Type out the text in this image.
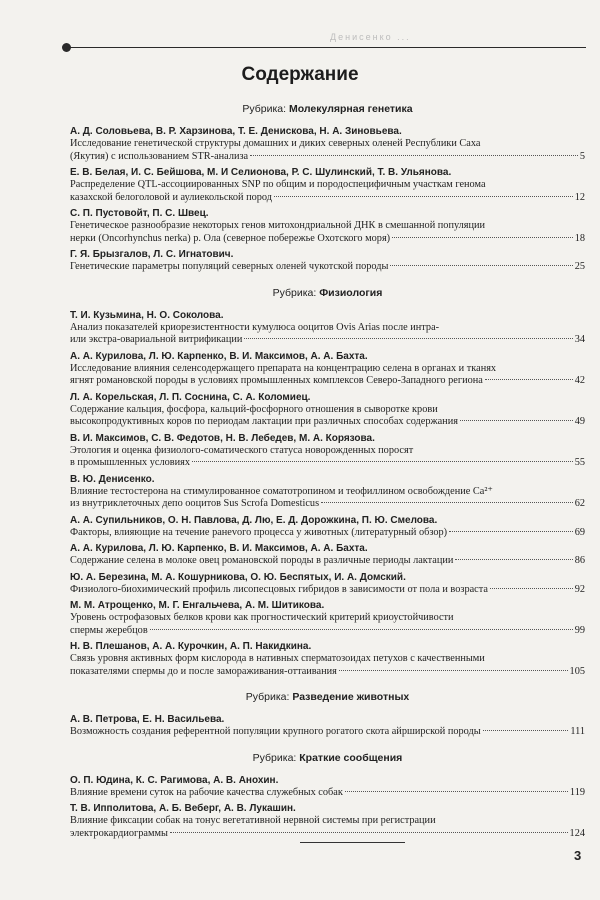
Денисенко ...
Содержание
Рубрика: Молекулярная генетика
А. Д. Соловьева, В. Р. Харзинова, Т. Е. Денискова, Н. А. Зиновьева.
Исследование генетической структуры домашних и диких северных оленей Республики Саха
(Якутия) с использованием STR-анализа	5
Е. В. Белая, И. С. Бейшова, М. И Селионова, Р. С. Шулинский, Т. В. Ульянова.
Распределение QTL-ассоциированных SNP по общим и породоспецифичным участкам генома
казахской белоголовой и аулиекольской пород	12
С. П. Пустовойт, П. С. Швец.
Генетическое разнообразие некоторых генов митохондриальной ДНК в смешанной популяции
нерки (Oncorhynchus nerka) р. Ола (северное побережье Охотского моря)	18
Г. Я. Брызгалов, Л. С. Игнатович.
Генетические параметры популяций северных оленей чукотской породы	25
Рубрика: Физиология
Т. И. Кузьмина, Н. О. Соколова.
Анализ показателей криорезистентности кумулюса ооцитов Ovis Arias после интра-
или экстра-овариальной витрификации	34
А. А. Курилова, Л. Ю. Карпенко, В. И. Максимов, А. А. Бахта.
Исследование влияния селенсодержащего препарата на концентрацию селена в органах и тканях
ягнят романовской породы в условиях промышленных комплексов Северо-Западного региона	42
Л. А. Корельская, Л. П. Соснина, С. А. Коломиец.
Содержание кальция, фосфора, кальций-фосфорного отношения в сыворотке крови
высокопродуктивных коров по периодам лактации при различных способах содержания	49
В. И. Максимов, С. В. Федотов, Н. В. Лебедев, М. А. Корязова.
Этология и оценка физиолого-соматического статуса новорожденных поросят
в промышленных условиях	55
В. Ю. Денисенко.
Влияние тестостерона на стимулированное соматотропином и теофиллином освобождение Ca²⁺
из внутриклеточных депо ооцитов Sus Scrofa Domesticus	62
А. А. Супильников, О. Н. Павлова, Д. Лю, Е. Д. Дорожкина, П. Ю. Смелова.
Факторы, влияющие на течение ранevого процесса у животных (литературный обзор)	69
А. А. Курилова, Л. Ю. Карпенко, В. И. Максимов, А. А. Бахта.
Содержание селена в молоке овец романовской породы в различные периоды лактации	86
Ю. А. Березина, М. А. Кошурникова, О. Ю. Беспятых, И. А. Домский.
Физиолого-биохимический профиль лисопесцовых гибридов в зависимости от пола и возраста	92
М. М. Атрощенко, М. Г. Енгальчева, А. М. Шитикова.
Уровень острофазовых белков крови как прогностический критерий криоустойчивости
спермы жеребцов	99
Н. В. Плешанов, А. А. Курочкин, А. П. Накидкина.
Связь уровня активных форм кислорода в нативных сперматозоидах петухов с качественными
показателями спермы до и после замораживания-оттаивания	105
Рубрика: Разведение животных
А. В. Петрова, Е. Н. Васильева.
Возможность создания референтной популяции крупного рогатого скота айрширской породы	111
Рубрика: Краткие сообщения
О. П. Юдина, К. С. Рагимова, А. В. Анохин.
Влияние времени суток на рабочие качества служебных собак	119
Т. В. Ипполитова, А. Б. Веберг, А. В. Лукашин.
Влияние фиксации собак на тонус вегетативной нервной системы при регистрации
электрокардиограммы	124
3
